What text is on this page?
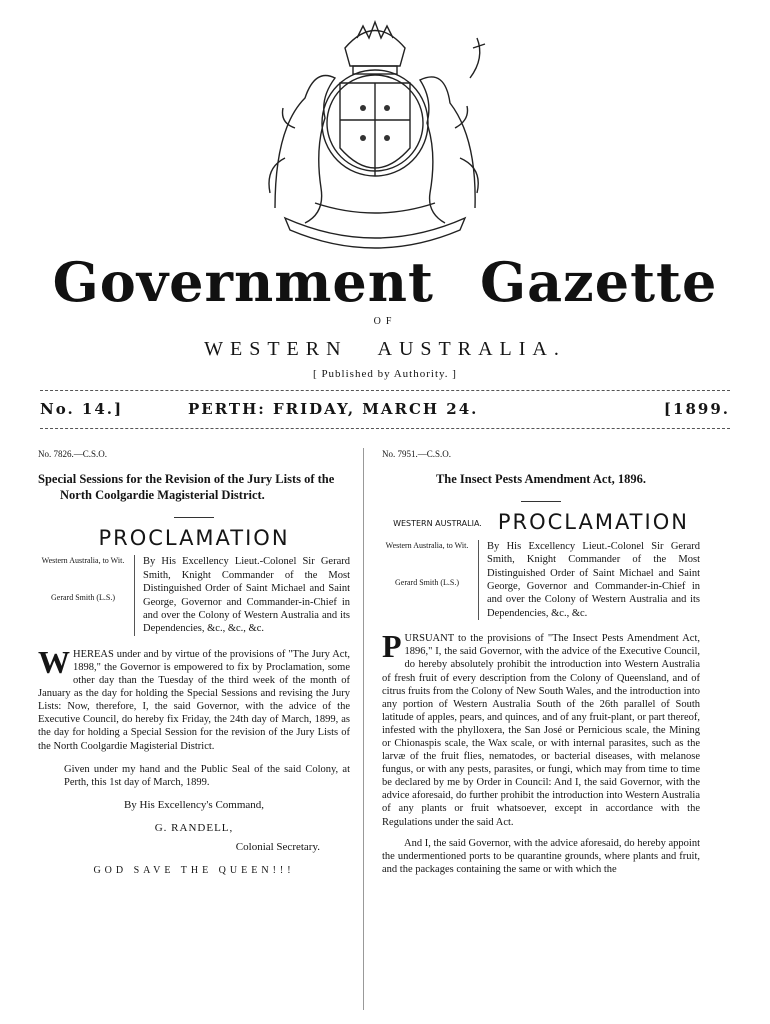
Government Gazette
OF
WESTERN AUSTRALIA.
[ Published by Authority. ]
No. 14.]	PERTH: FRIDAY, MARCH 24.	[1899.
No. 7826.—C.S.O.
Special Sessions for the Revision of the Jury Lists of the North Coolgardie Magisterial District.
PROCLAMATION
Western Australia, to Wit.
Gerard Smith (L.S.)
By His Excellency Lieut.-Colonel Sir Gerard Smith, Knight Commander of the Most Distinguished Order of Saint Michael and Saint George, Governor and Commander-in-Chief in and over the Colony of Western Australia and its Dependencies, &c., &c., &c.

WHEREAS under and by virtue of the provisions of "The Jury Act, 1898," the Governor is empowered to fix by Proclamation, some other day than the Tuesday of the third week of the month of January as the day for holding the Special Sessions and revising the Jury Lists: Now, therefore, I, the said Governor, with the advice of the Executive Council, do hereby fix Friday, the 24th day of March, 1899, as the day for holding a Special Session for the revision of the Jury Lists of the North Coolgardie Magisterial District.

Given under my hand and the Public Seal of the said Colony, at Perth, this 1st day of March, 1899.
By His Excellency's Command,
G. RANDELL,
Colonial Secretary.
GOD SAVE THE QUEEN!!!
No. 7951.—C.S.O.
The Insect Pests Amendment Act, 1896.
WESTERN AUSTRALIA. PROCLAMATION
Western Australia, to Wit.
Gerard Smith (L.S.)
By His Excellency Lieut.-Colonel Sir Gerard Smith, Knight Commander of the Most Distinguished Order of Saint Michael and Saint George, Governor and Commander-in-Chief in and over the Colony of Western Australia and its Dependencies, &c., &c.

PURSUANT to the provisions of "The Insect Pests Amendment Act, 1896," I, the said Governor, with the advice of the Executive Council, do hereby absolutely prohibit the introduction into Western Australia of fresh fruit of every description from the Colony of Queensland, and of citrus fruits from the Colony of New South Wales, and the introduction into any portion of Western Australia South of the 26th parallel of South latitude of apples, pears, and quinces, and of any fruit-plant, or part thereof, infested with the phylloxera, the San José or Pernicious scale, the Mining or Chionaspis scale, the Wax scale, or with internal parasites, such as the larvæ of the fruit flies, nematodes, or bacterial diseases, with melanose fungus, or with any pests, parasites, or fungi, which may from time to time be declared by me by Order in Council: And I, the said Governor, with the advice aforesaid, do further prohibit the introduction into Western Australia of any plants or fruit whatsoever, except in accordance with the Regulations under the said Act.

And I, the said Governor, with the advice aforesaid, do hereby appoint the undermentioned ports to be quarantine grounds, where plants and fruit, and the packages containing the same or with which the
